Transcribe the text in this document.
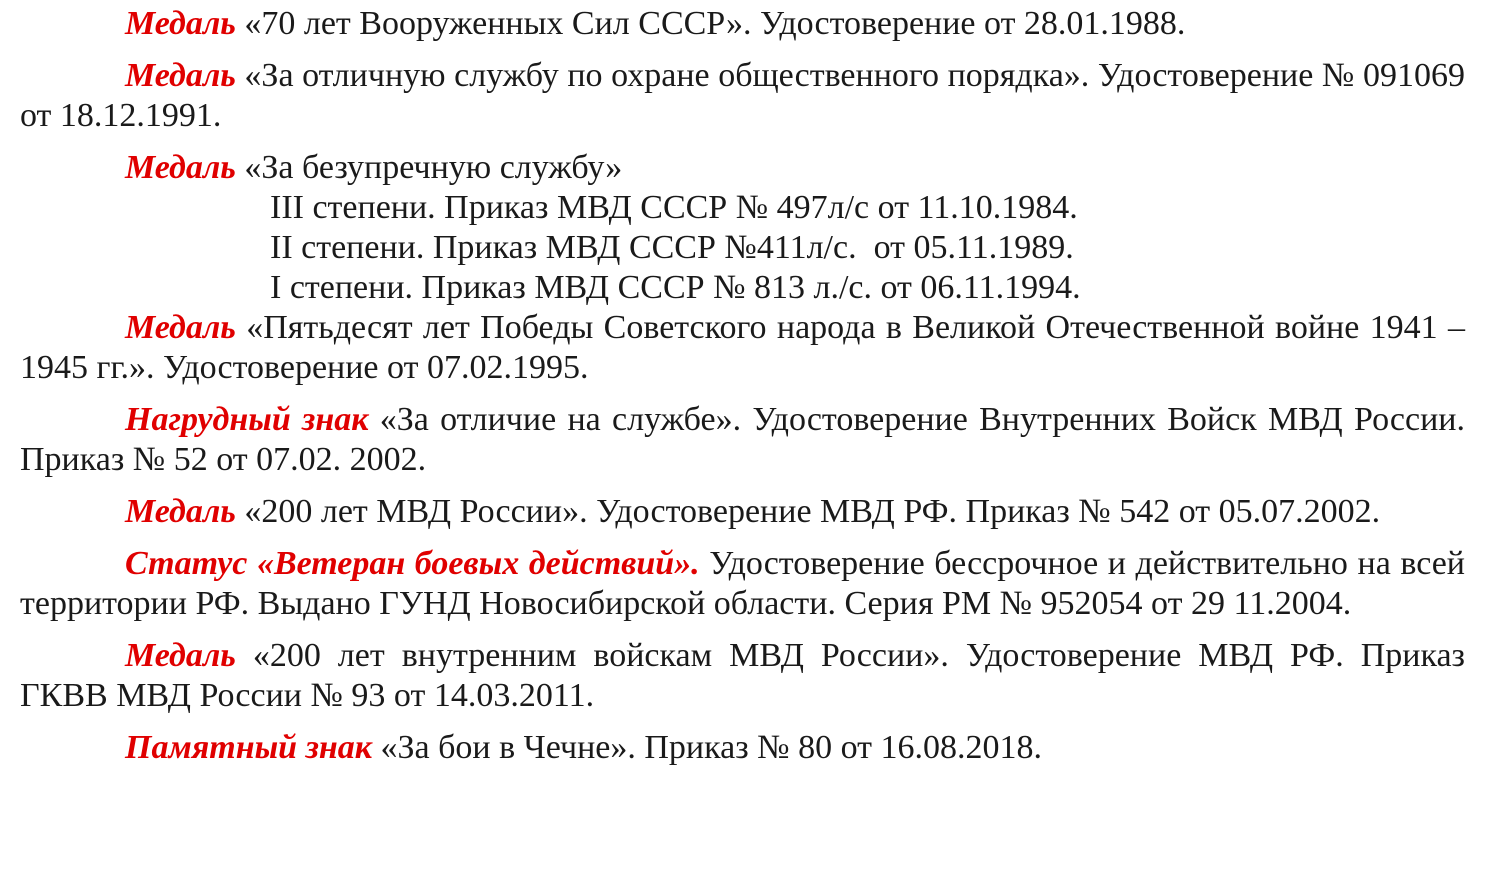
Медаль «70 лет Вооруженных Сил СССР». Удостоверение от 28.01.1988.

Медаль «За отличную службу по охране общественного порядка». Удостоверение № 091069 от 18.12.1991.

Медаль «За безупречную службу»

III степени. Приказ МВД СССР № 497л/с от 11.10.1984.

II степени. Приказ МВД СССР №411л/с.  от 05.11.1989.

I степени. Приказ МВД СССР № 813 л./с. от 06.11.1994.

Медаль «Пятьдесят лет Победы Советского народа в Великой Отечественной войне 1941 – 1945 гг.». Удостоверение от 07.02.1995.

Нагрудный знак «За отличие на службе». Удостоверение Внутренних Войск МВД России. Приказ № 52 от 07.02. 2002.

Медаль «200 лет МВД России». Удостоверение МВД РФ. Приказ № 542 от 05.07.2002.

Статус «Ветеран боевых действий». Удостоверение бессрочное и действительно на всей территории РФ. Выдано ГУНД Новосибирской области. Серия РМ № 952054 от 29 11.2004.

Медаль «200 лет внутренним войскам МВД России». Удостоверение МВД РФ. Приказ ГКВВ МВД России № 93 от 14.03.2011.

Памятный знак «За бои в Чечне». Приказ № 80 от 16.08.2018.
